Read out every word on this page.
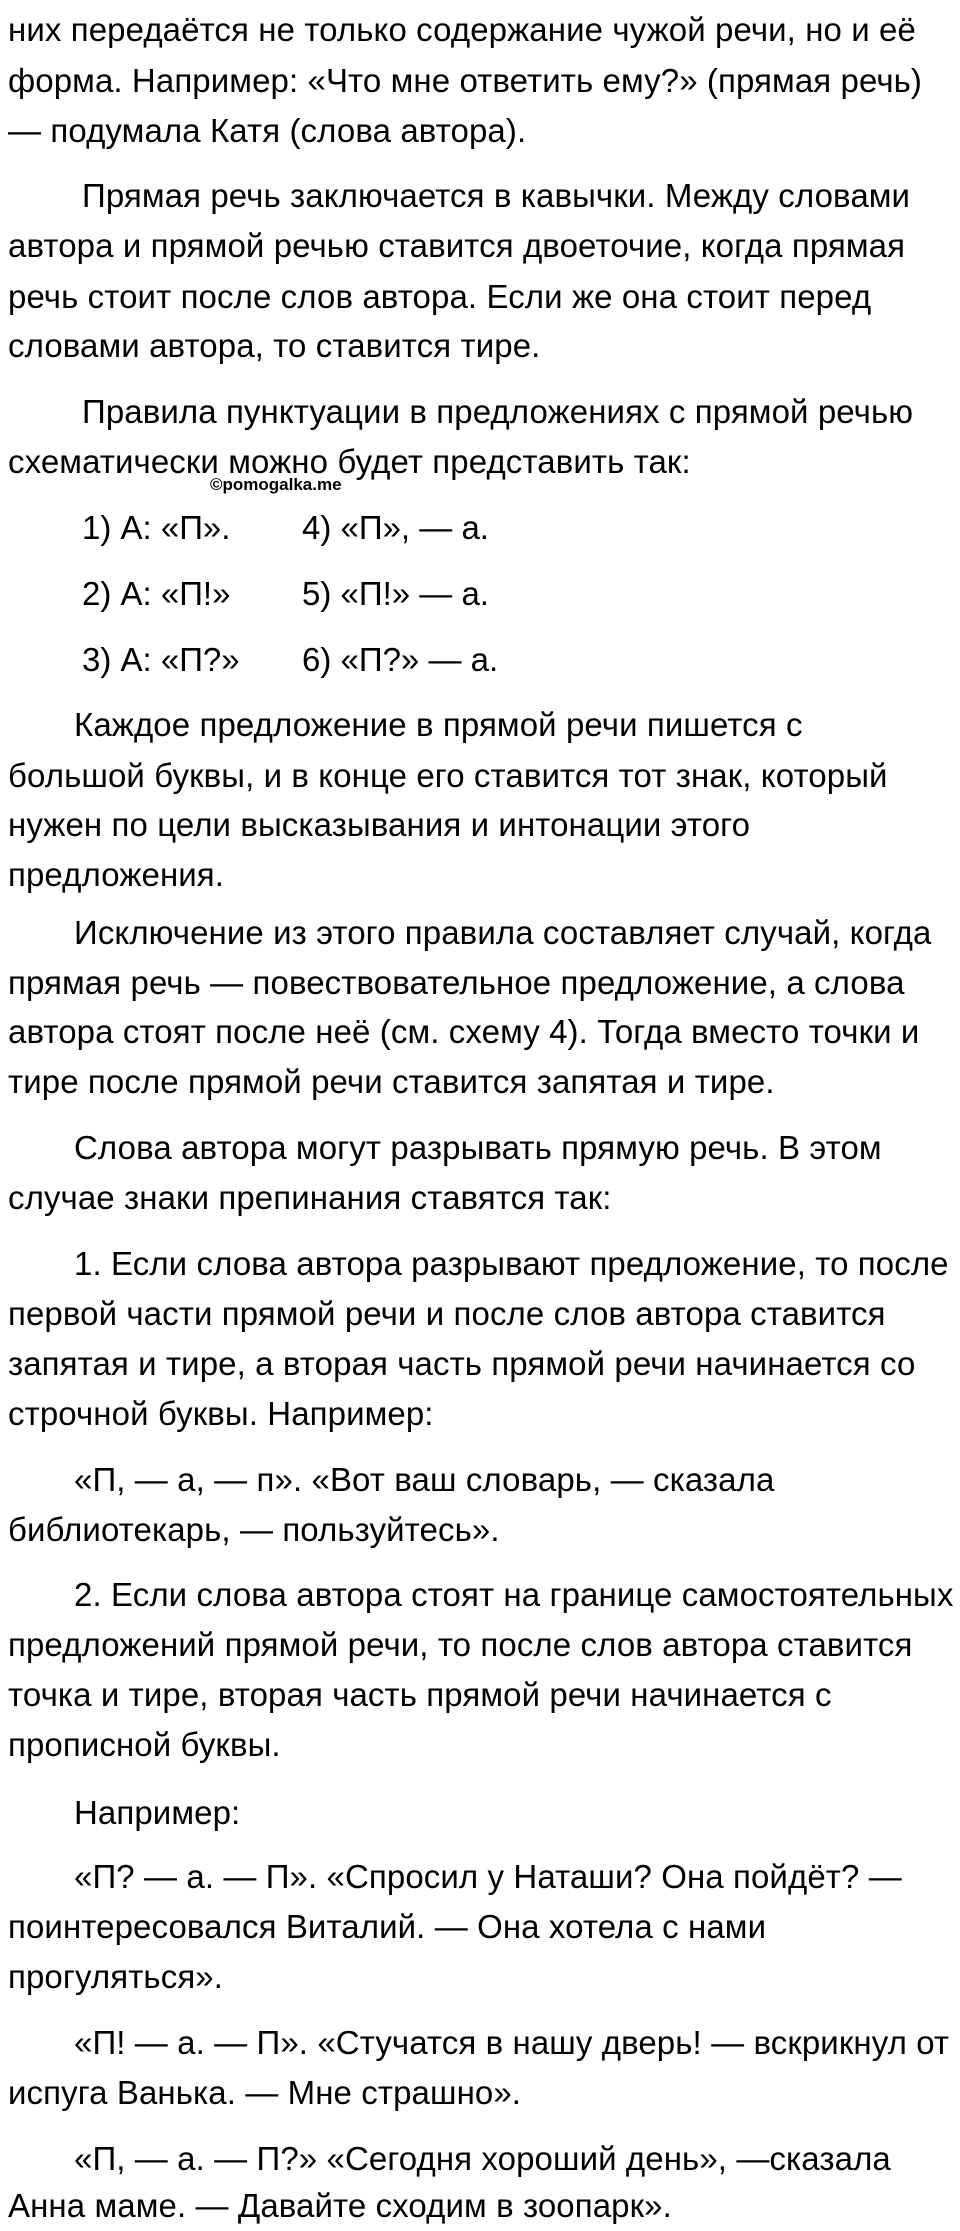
них передаётся не только содержание чужой речи, но и её
форма. Например: «Что мне ответить ему?» (прямая речь)
— подумала Катя (слова автора).
Прямая речь заключается в кавычки. Между словами
автора и прямой речью ставится двоеточие, когда прямая
речь стоит после слов автора. Если же она стоит перед
словами автора, то ставится тире.
Правила пунктуации в предложениях с прямой речью
схематически можно будет представить так:
©pomogalka.me
1) А: «П». 4) «П», — а.
2) А: «П!» 5) «П!» — а.
3) А: «П?» 6) «П?» — а.
Каждое предложение в прямой речи пишется с
большой буквы, и в конце его ставится тот знак, который
нужен по цели высказывания и интонации этого
предложения.
Исключение из этого правила составляет случай, когда
прямая речь — повествовательное предложение, а слова
автора стоят после неё (см. схему 4). Тогда вместо точки и
тире после прямой речи ставится запятая и тире.
Слова автора могут разрывать прямую речь. В этом
случае знаки препинания ставятся так:
1. Если слова автора разрывают предложение, то после
первой части прямой речи и после слов автора ставится
запятая и тире, а вторая часть прямой речи начинается со
строчной буквы. Например:
«П, — а, — п». «Вот ваш словарь, — сказала
библиотекарь, — пользуйтесь».
2. Если слова автора стоят на границе самостоятельных
предложений прямой речи, то после слов автора ставится
точка и тире, вторая часть прямой речи начинается с
прописной буквы.
Например:
«П? — а. — П». «Спросил у Наташи? Она пойдёт? —
поинтересовался Виталий. — Она хотела с нами
прогуляться».
«П! — а. — П». «Стучатся в нашу дверь! — вскрикнул от
испуга Ванька. — Мне страшно».
«П, — а. — П?» «Сегодня хороший день», —сказала
Анна маме. — Давайте сходим в зоопарк».
